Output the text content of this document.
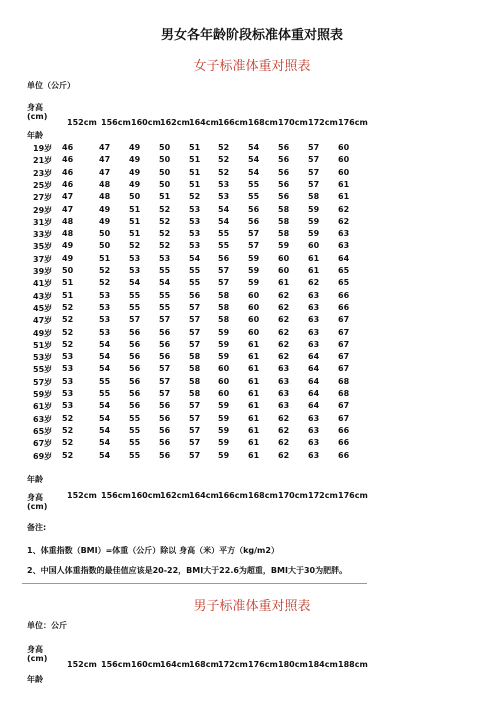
男女各年龄阶段标准体重对照表
女子标准体重对照表
单位（公斤）
身高
(cm)
152cm 156cm 160cm 162cm 164cm 166cm 168cm 170cm 172cm 176cm
年龄
19岁 46	47 49 50 51 52 54 56 57 60
21岁 46	47 49 50 51 52 54 56 57 60
23岁 46	47 49 50 51 52 54 56 57 60
25岁 46	48 49 50 51 53 55 56 57 61
27岁 47	48 50 51 52 53 55 56 58 61
29岁 47	49 51 52 53 54 56 58 59 62
31岁 48	49 51 52 53 54 56 58 59 62
33岁 48	50 51 52 53 55 57 58 59 63
35岁 49	50 52 52 53 55 57 59 60 63
37岁 49	51 53 53 54 56 59 60 61 64
39岁 50	52 53 55 55 57 59 60 61 65
41岁 51	52 54 54 55 57 59 61 62 65
43岁 51	53 55 55 56 58 60 62 63 66
45岁 52	53 55 55 57 58 60 62 63 66
47岁 52	53 57 57 57 58 60 62 63 67
49岁 52	53 56 56 57 59 60 62 63 67
51岁 52	54 56 56 57 59 61 62 63 67
53岁 53	54 56 56 58 59 61 62 64 67
55岁 53	54 56 57 58 60 61 63 64 67
57岁 53	55 56 57 58 60 61 63 64 68
59岁 53	55 56 57 58 60 61 63 64 68
61岁 53	54 56 56 57 59 61 63 64 67
63岁 52	54 55 56 57 59 61 62 63 67
65岁 52	54 55 56 57 59 61 62 63 66
67岁 52	54 55 56 57 59 61 62 63 66
69岁 52	54 55 56 57 59 61 62 63 66
年龄
身高
(cm)
152cm 156cm 160cm 162cm 164cm 166cm 168cm 170cm 172cm 176cm
备注:
1、体重指数（BMI）=体重（公斤）除以 身高（米）平方（kg/m2）
2、中国人体重指数的最佳值应该是20-22，BMI大于22.6为超重，BMI大于30为肥胖。
男子标准体重对照表
单位：公斤
身高
(cm)
152cm 156cm 160cm 164cm 168cm 172cm 176cm 180cm 184cm 188cm
年龄
